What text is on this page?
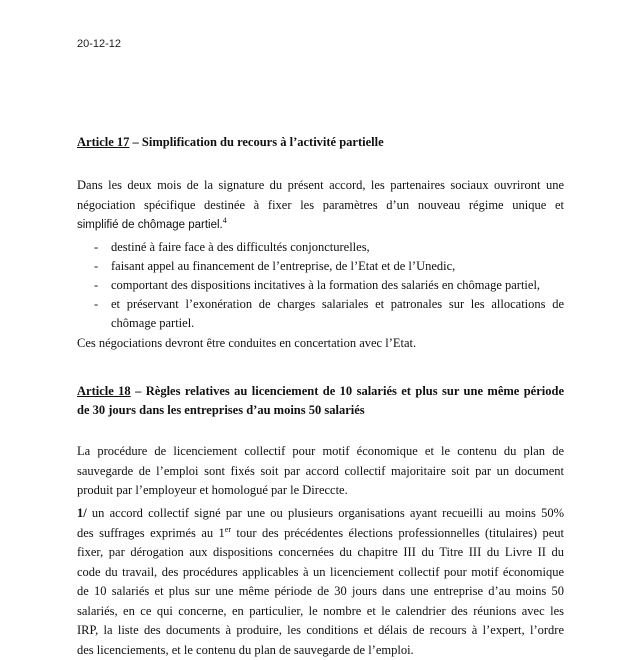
20-12-12
Article 17 – Simplification du recours à l’activité partielle
Dans les deux mois de la signature du présent accord, les partenaires sociaux ouvriront une
négociation spécifique destinée à fixer les paramètres d’un nouveau régime unique et
simplifié de chômage partiel.$^4$
- destiné à faire face à des difficultés conjoncturelles,
- faisant appel au financement de l’entreprise, de l’Etat et de l’Unedic,
- comportant des dispositions incitatives à la formation des salariés en chômage partiel,
- et préservant l’exonération de charges salariales et patronales sur les allocations de chômage partiel.
Ces négociations devront être conduites en concertation avec l’Etat.
Article 18 – Règles relatives au licenciement de 10 salariés et plus sur une même période
de 30 jours dans les entreprises d’au moins 50 salariés
La procédure de licenciement collectif pour motif économique et le contenu du plan de
sauvegarde de l’emploi sont fixés soit par accord collectif majoritaire soit par un document
produit par l’employeur et homologué par le Direccte.
1/ un accord collectif signé par une ou plusieurs organisations ayant recueilli au moins 50%
des suffrages exprimés au 1er tour des précédentes élections professionnelles (titulaires) peut
fixer, par dérogation aux dispositions concernées du chapitre III du Titre III du Livre II du
code du travail, des procédures applicables à un licenciement collectif pour motif économique
de 10 salariés et plus sur une même période de 30 jours dans une entreprise d’au moins 50
salariés, en ce qui concerne, en particulier, le nombre et le calendrier des réunions avec les
IRP, la liste des documents à produire, les conditions et délais de recours à l’expert, l’ordre
des licenciements, et le contenu du plan de sauvegarde de l’emploi.
